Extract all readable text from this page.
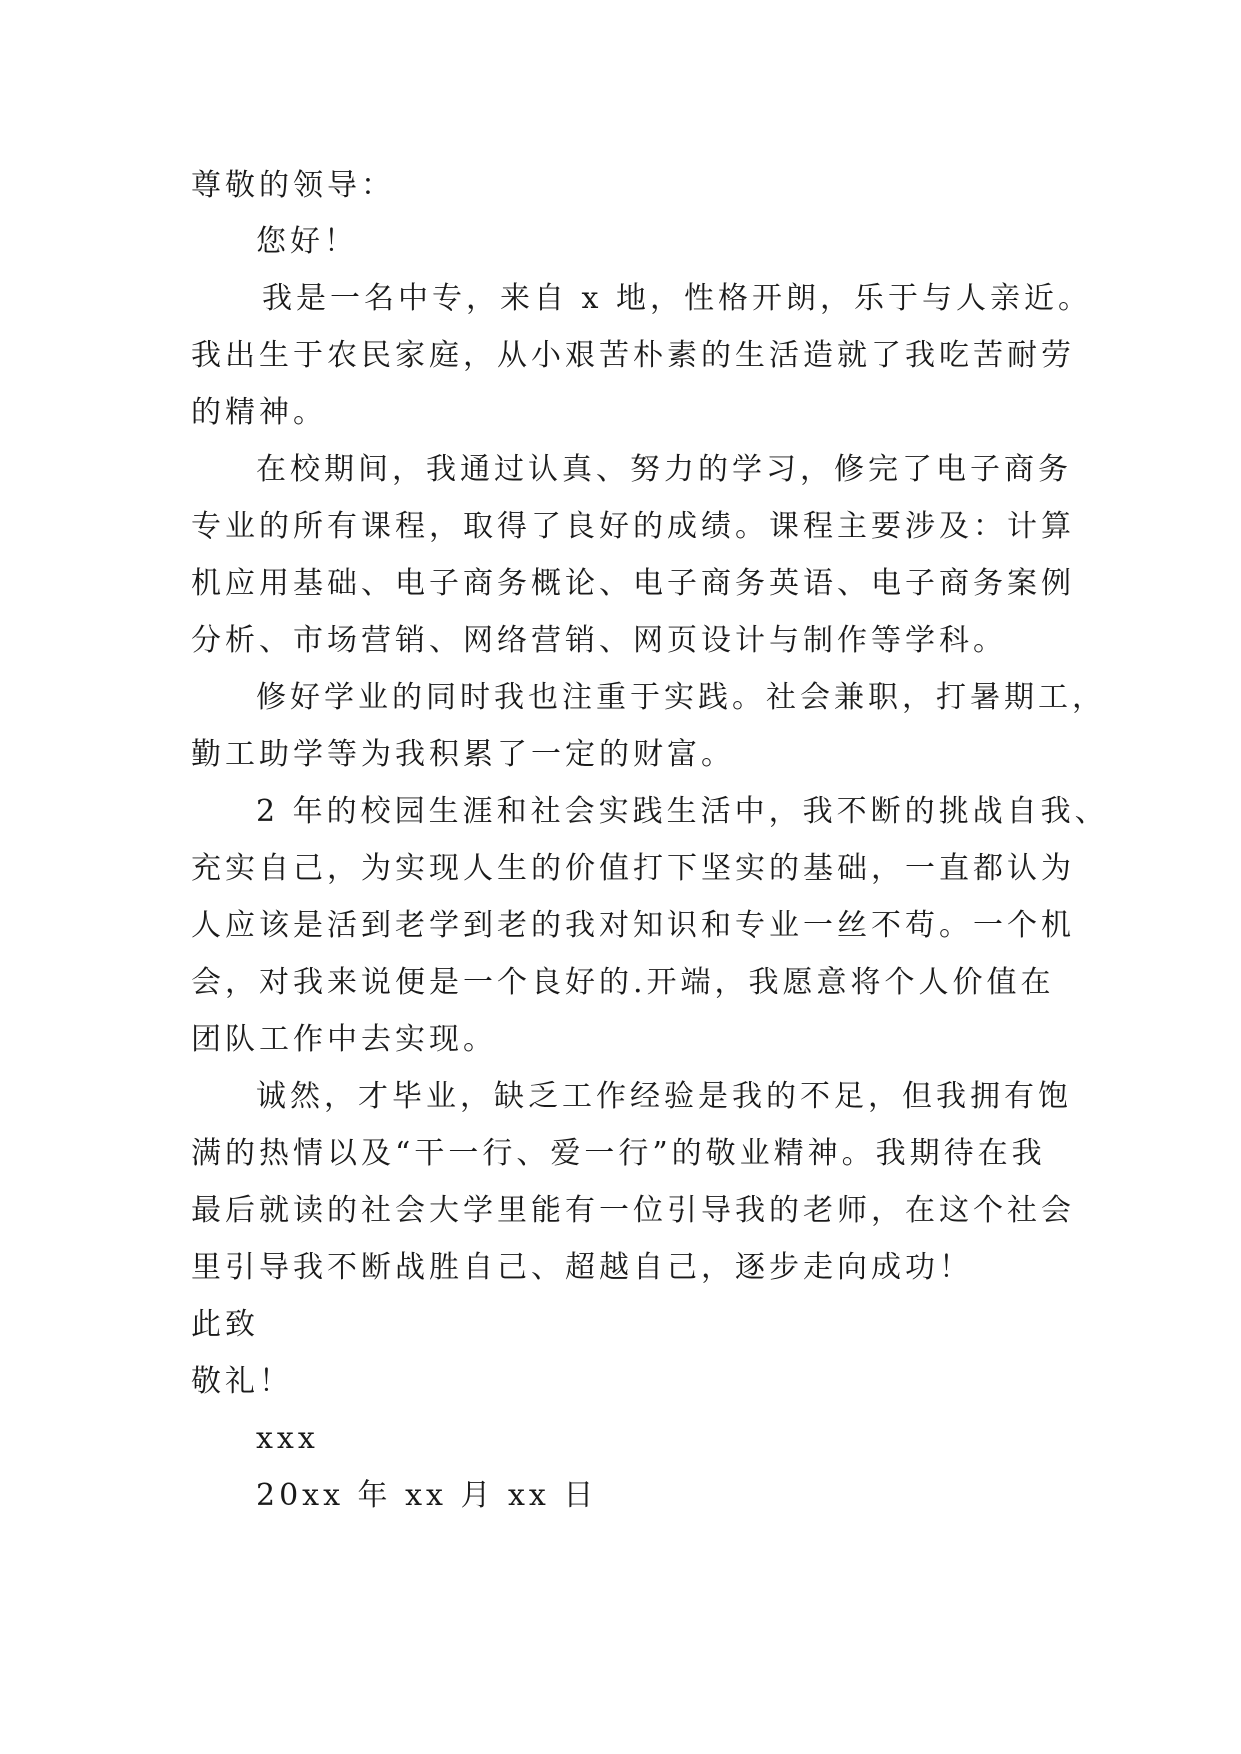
尊敬的领导：
您好！
我是一名中专，来自 x 地，性格开朗，乐于与人亲近。
我出生于农民家庭，从小艰苦朴素的生活造就了我吃苦耐劳
的精神。
在校期间，我通过认真、努力的学习，修完了电子商务
专业的所有课程，取得了良好的成绩。课程主要涉及：计算
机应用基础、电子商务概论、电子商务英语、电子商务案例
分析、市场营销、网络营销、网页设计与制作等学科。
修好学业的同时我也注重于实践。社会兼职，打暑期工，
勤工助学等为我积累了一定的财富。
2 年的校园生涯和社会实践生活中，我不断的挑战自我、
充实自己，为实现人生的价值打下坚实的基础，一直都认为
人应该是活到老学到老的我对知识和专业一丝不苟。一个机
会，对我来说便是一个良好的.开端，我愿意将个人价值在
团队工作中去实现。
诚然，才毕业，缺乏工作经验是我的不足，但我拥有饱
满的热情以及“干一行、爱一行”的敬业精神。我期待在我
最后就读的社会大学里能有一位引导我的老师，在这个社会
里引导我不断战胜自己、超越自己，逐步走向成功！
此致
敬礼！
xxx
20xx 年 xx 月 xx 日
